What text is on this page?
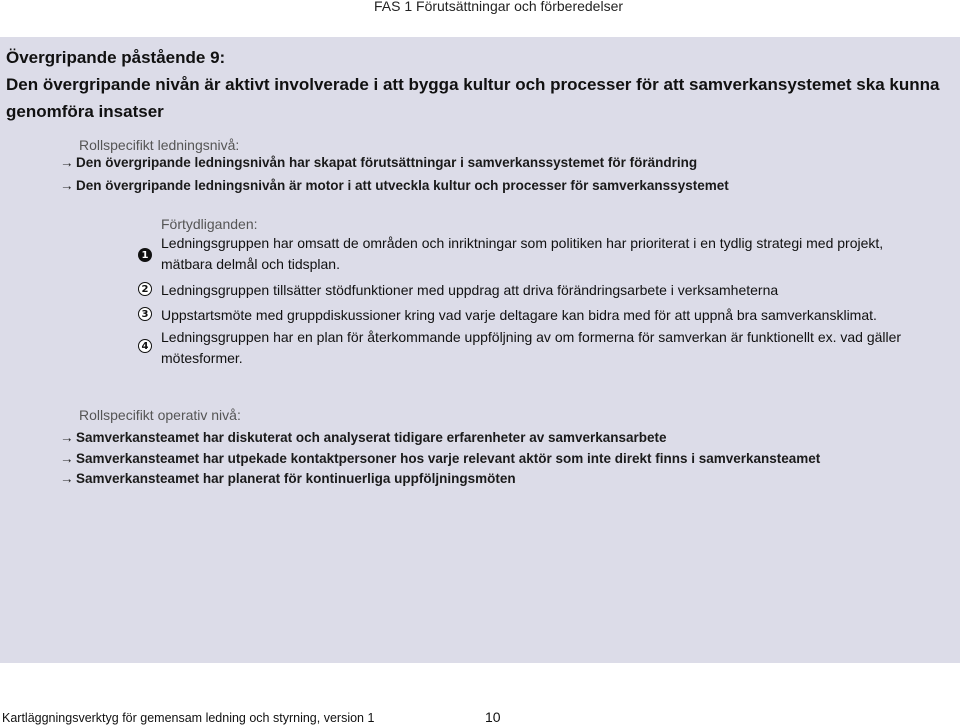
FAS 1 Förutsättningar och förberedelser
Övergripande påstående 9:
Den övergripande nivån är aktivt involverade i att bygga kultur och processer för att samverkansystemet ska kunna
genomföra insatser
Rollspecifikt ledningsnivå:
→ Den övergripande ledningsnivån har skapat förutsättningar i samverkanssystemet för förändring
→ Den övergripande ledningsnivån är motor i att utveckla kultur och processer för samverkanssystemet
Förtydliganden:
1
Ledningsgruppen har omsatt de områden och inriktningar som politiken har prioriterat i en tydlig strategi med projekt,
mätbara delmål och tidsplan.
2 Ledningsgruppen tillsätter stödfunktioner med uppdrag att driva förändringsarbete i verksamheterna
3 Uppstartsmöte med gruppdiskussioner kring vad varje deltagare kan bidra med för att uppnå bra samverkansklimat.
4
Ledningsgruppen har en plan för återkommande uppföljning av om formerna för samverkan är funktionellt ex. vad gäller
mötesformer.
Rollspecifikt operativ nivå:
→ Samverkansteamet har diskuterat och analyserat tidigare erfarenheter av samverkansarbete
→ Samverkansteamet har utpekade kontaktpersoner hos varje relevant aktör som inte direkt finns i samverkansteamet
→ Samverkansteamet har planerat för kontinuerliga uppföljningsmöten
Kartläggningsverktyg för gemensam ledning och styrning, version 1	10
